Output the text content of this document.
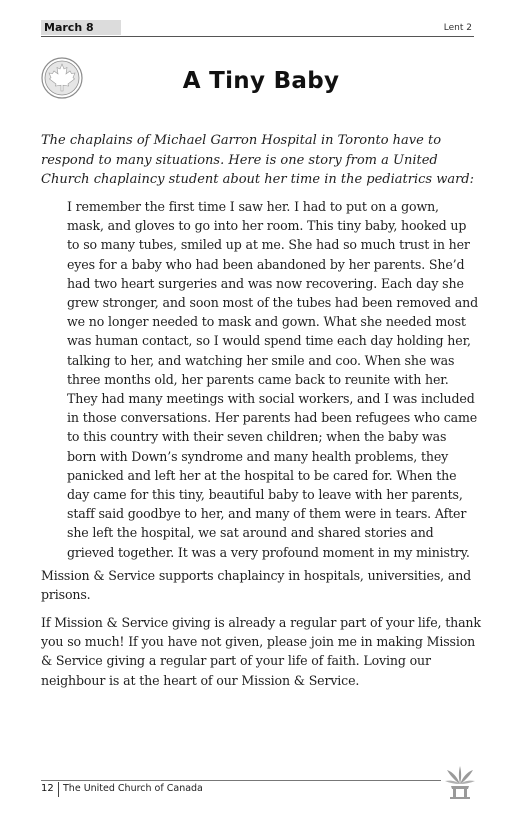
March 8	Lent 2
A Tiny Baby
The chaplains of Michael Garron Hospital in Toronto have to respond to many situations. Here is one story from a United Church chaplaincy student about her time in the pediatrics ward:
I remember the first time I saw her. I had to put on a gown, mask, and gloves to go into her room. This tiny baby, hooked up to so many tubes, smiled up at me. She had so much trust in her eyes for a baby who had been abandoned by her parents. She’d had two heart surgeries and was now recovering. Each day she grew stronger, and soon most of the tubes had been removed and we no longer needed to mask and gown. What she needed most was human contact, so I would spend time each day holding her, talking to her, and watching her smile and coo. When she was three months old, her parents came back to reunite with her. They had many meetings with social workers, and I was included in those conversations. Her parents had been refugees who came to this country with their seven children; when the baby was born with Down’s syndrome and many health problems, they panicked and left her at the hospital to be cared for. When the day came for this tiny, beautiful baby to leave with her parents, staff said goodbye to her, and many of them were in tears. After she left the hospital, we sat around and shared stories and grieved together. It was a very profound moment in my ministry.
Mission & Service supports chaplaincy in hospitals, universities, and prisons.
If Mission & Service giving is already a regular part of your life, thank you so much! If you have not given, please join me in making Mission & Service giving a regular part of your life of faith. Loving our neighbour is at the heart of our Mission & Service.
12 The United Church of Canada
